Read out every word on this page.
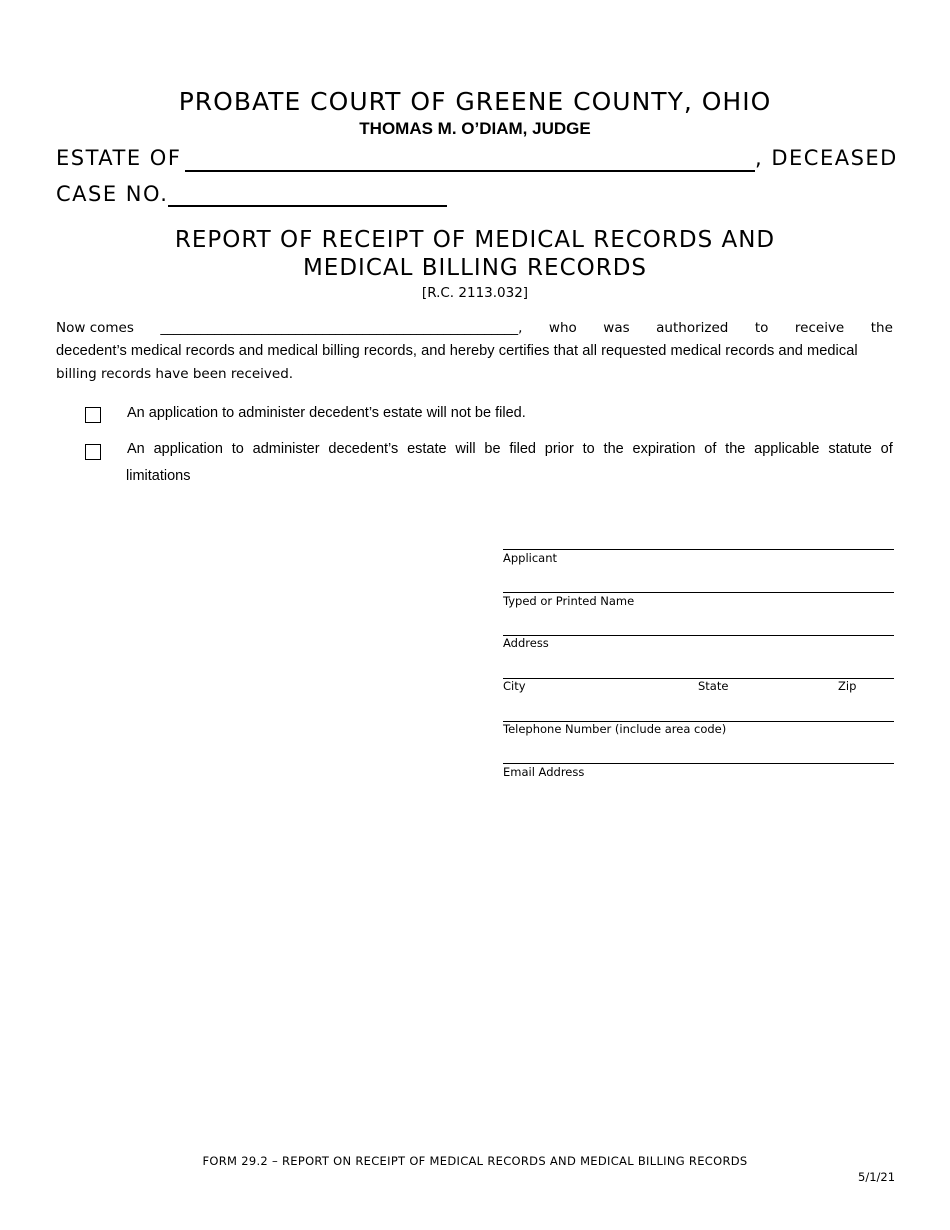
PROBATE COURT OF GREENE COUNTY, OHIO
THOMAS M. O’DIAM, JUDGE
ESTATE OF	, DECEASED
CASE NO.
REPORT OF RECEIPT OF MEDICAL RECORDS AND
MEDICAL BILLING RECORDS
[R.C. 2113.032]
Now comes _____________________________________________________, who was authorized to receive the
decedent’s medical records and medical billing records, and hereby certifies that all requested medical records and medical
billing records have been received.
An application to administer decedent’s estate will not be filed.
An application to administer decedent’s estate will be filed prior to the expiration of the applicable statute of
limitations
Applicant
Typed or Printed Name
Address
City	State	Zip
Telephone Number (include area code)
Email Address
FORM 29.2 – REPORT ON RECEIPT OF MEDICAL RECORDS AND MEDICAL BILLING RECORDS
5/1/21
